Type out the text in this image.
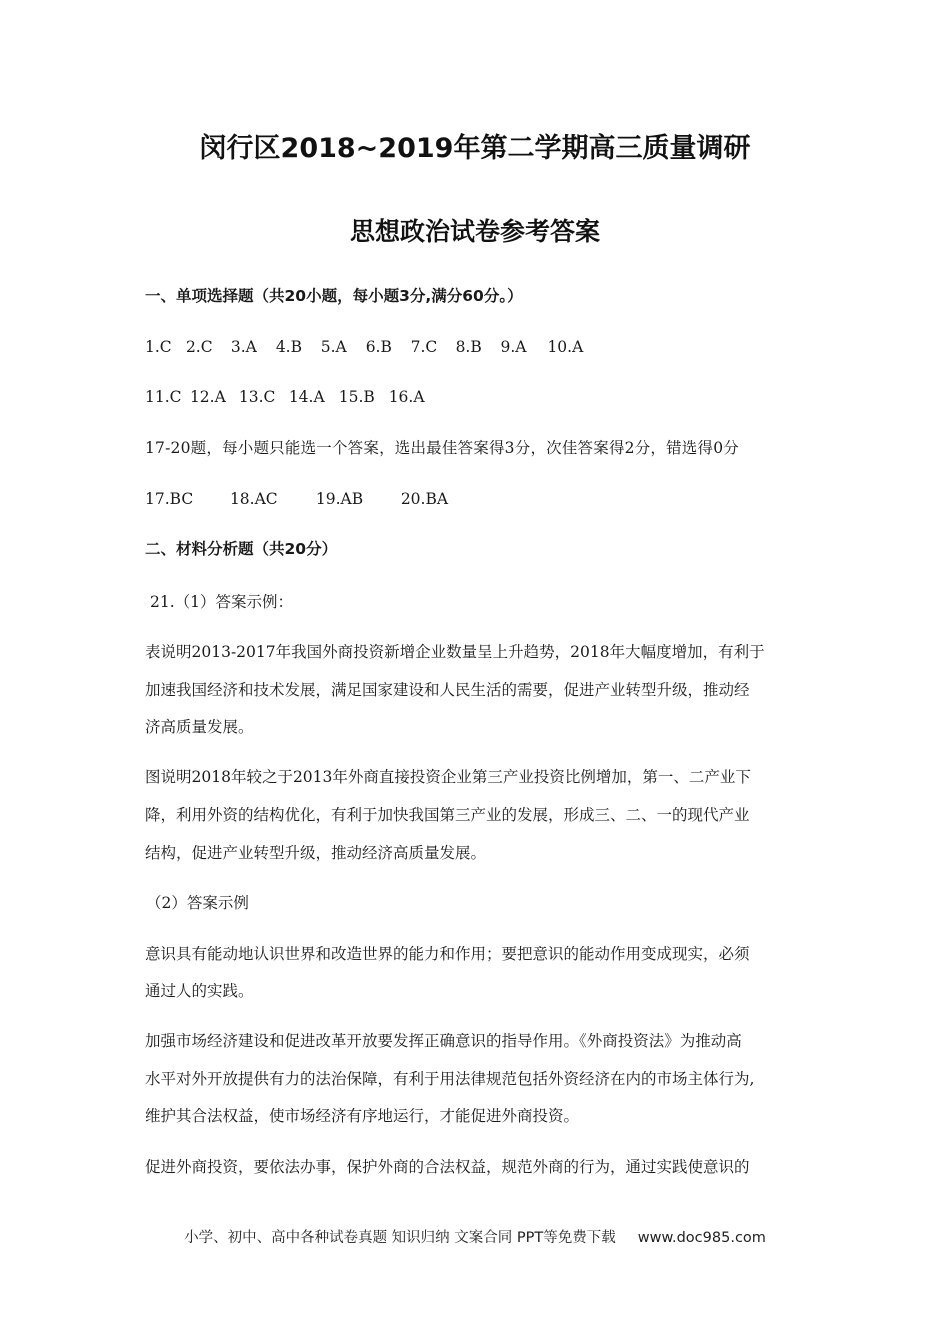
闵行区2018~2019年第二学期高三质量调研
思想政治试卷参考答案

一、单项选择题（共20小题，每小题3分,满分60分。）

1.C 2.C 3.A 4.B 5.A 6.B 7.C 8.B 9.A 10.A

11.C 12.A 13.C 14.A 15.B 16.A

17-20题，每小题只能选一个答案，选出最佳答案得3分，次佳答案得2分，错选得0分

17.BC 18.AC 19.AB 20.BA

二、材料分析题（共20分）

21.（1）答案示例：

表说明2013-2017年我国外商投资新增企业数量呈上升趋势，2018年大幅度增加，有利于

加速我国经济和技术发展，满足国家建设和人民生活的需要，促进产业转型升级，推动经

济高质量发展。

图说明2018年较之于2013年外商直接投资企业第三产业投资比例增加，第一、二产业下

降，利用外资的结构优化，有利于加快我国第三产业的发展，形成三、二、一的现代产业

结构，促进产业转型升级，推动经济高质量发展。

（2）答案示例

意识具有能动地认识世界和改造世界的能力和作用；要把意识的能动作用变成现实，必须

通过人的实践。

加强市场经济建设和促进改革开放要发挥正确意识的指导作用。《外商投资法》为推动高

水平对外开放提供有力的法治保障，有利于用法律规范包括外资经济在内的市场主体行为,

维护其合法权益，使市场经济有序地运行，才能促进外商投资。

促进外商投资，要依法办事，保护外商的合法权益，规范外商的行为，通过实践使意识的

小学、初中、高中各种试卷真题 知识归纳 文案合同 PPT等免费下载 www.doc985.com
